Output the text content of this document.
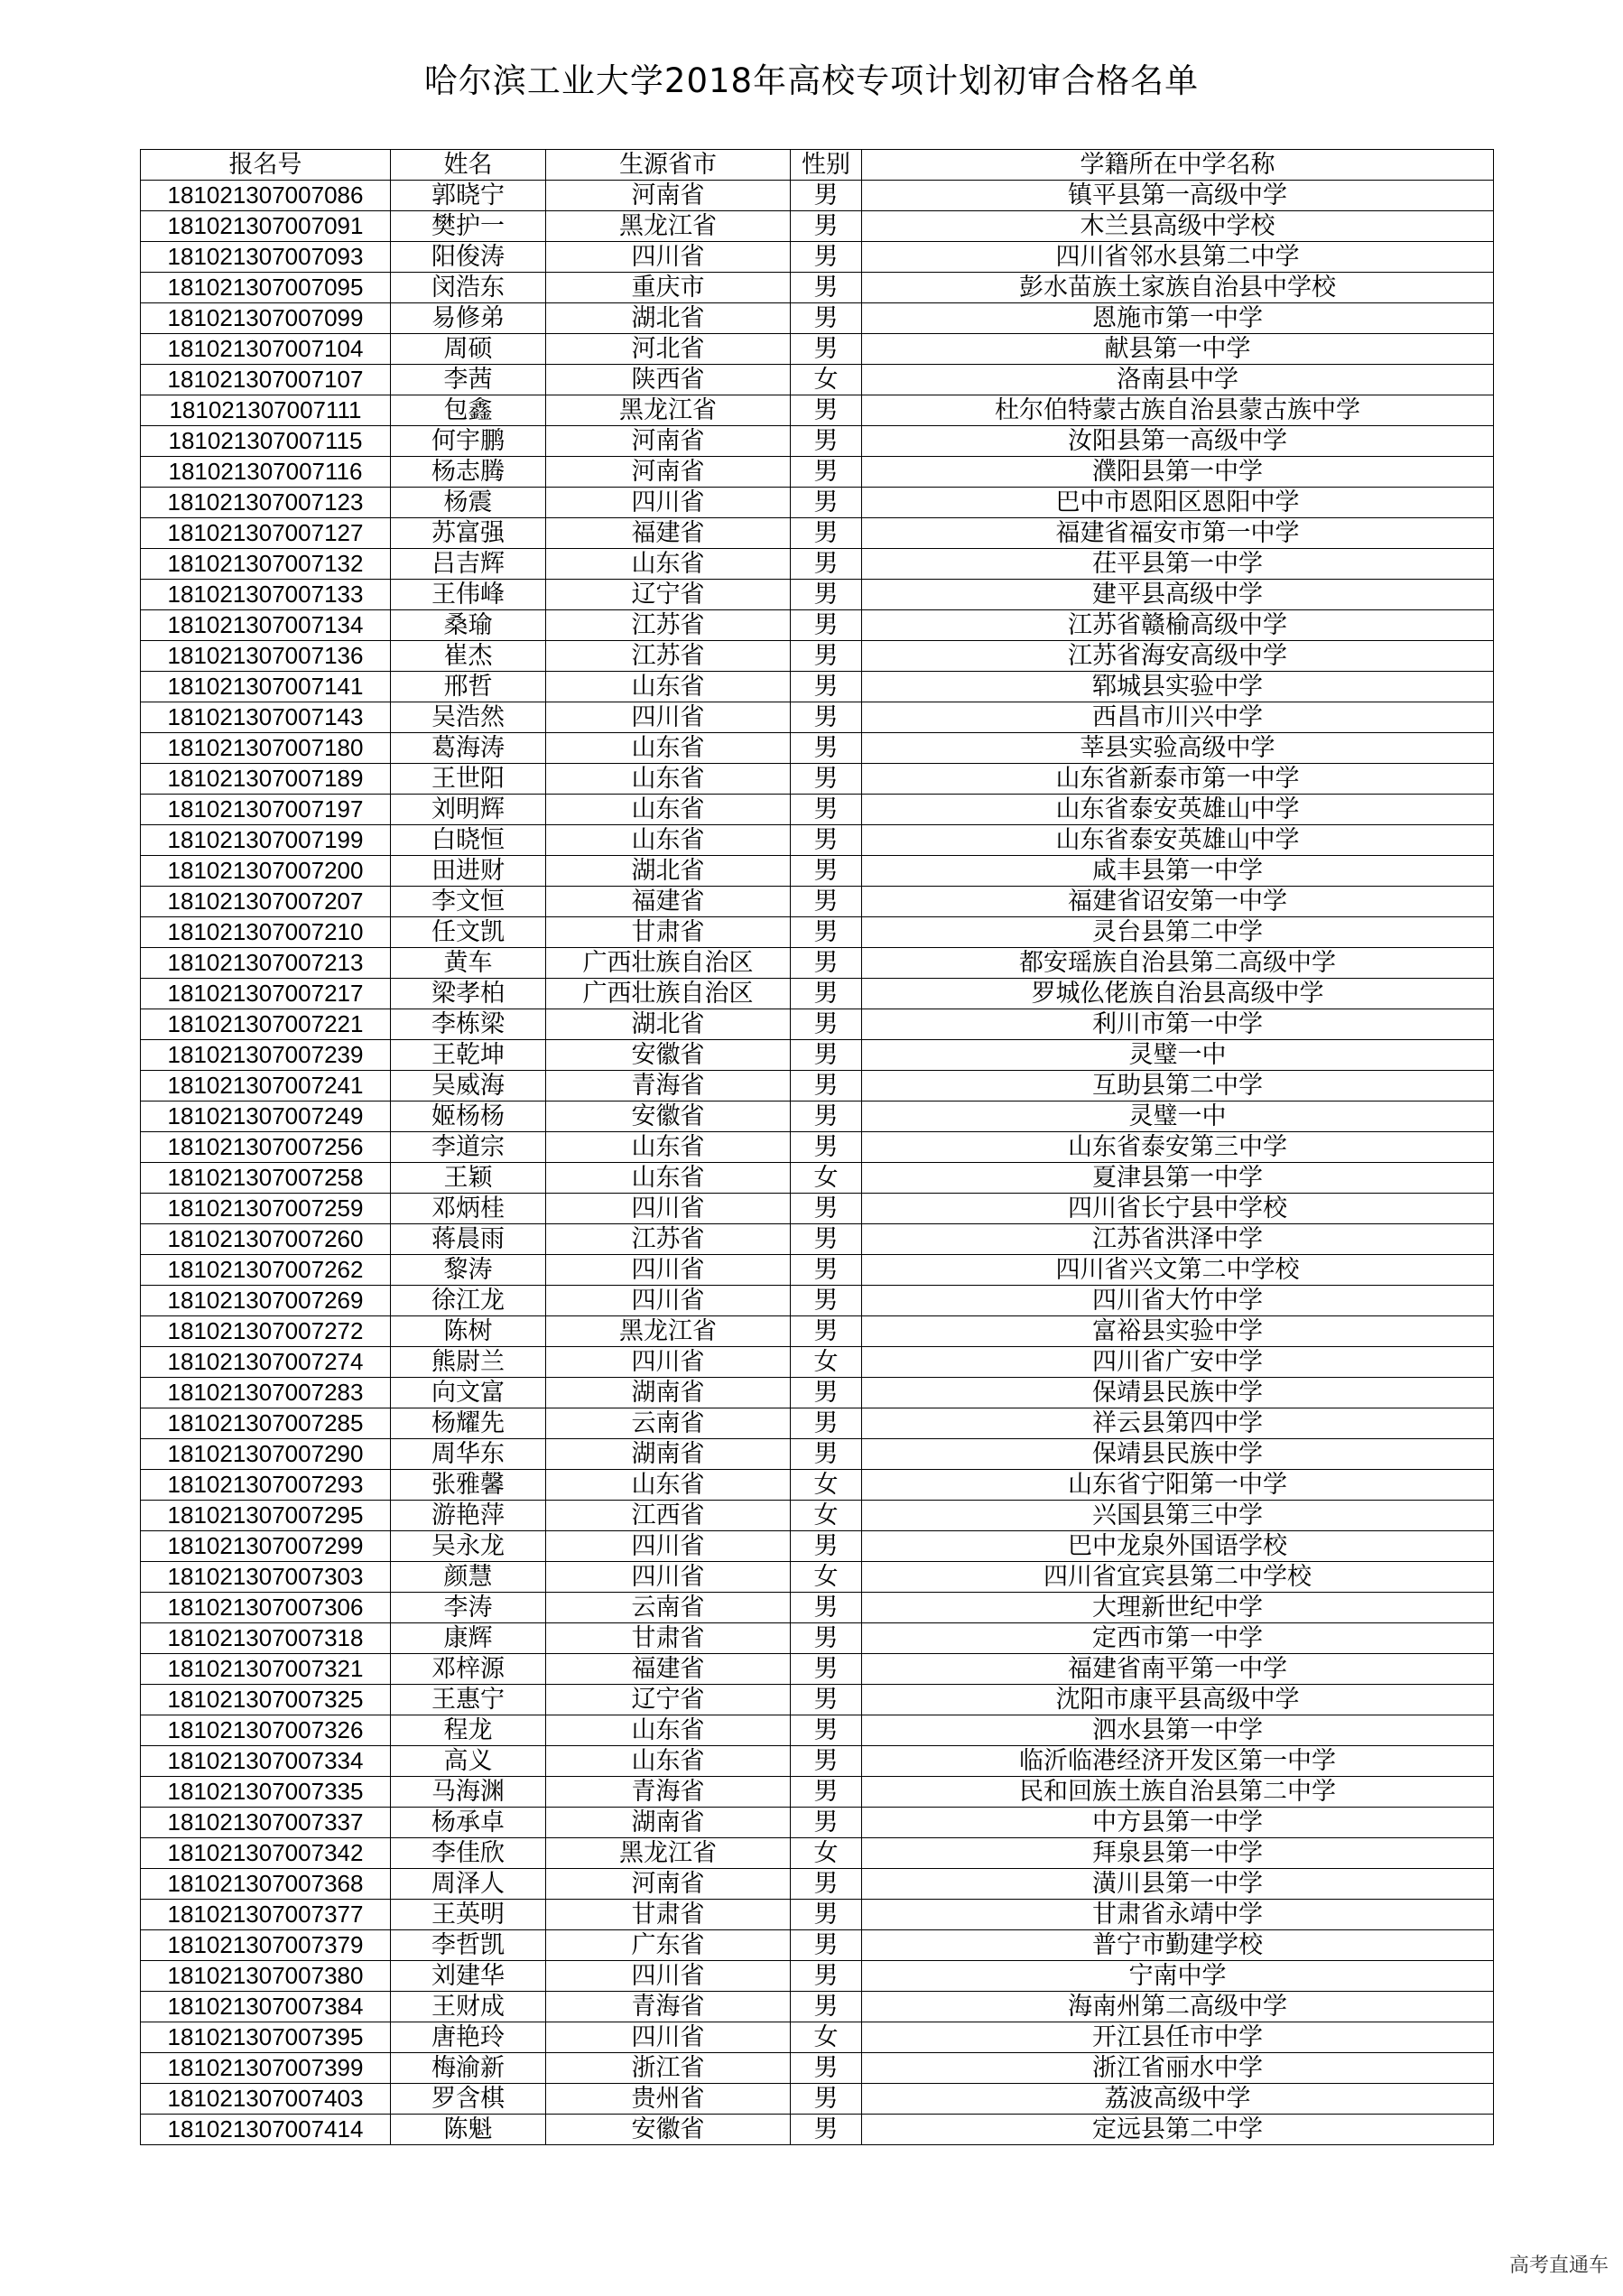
哈尔滨工业大学2018年高校专项计划初审合格名单
报名号	姓名	生源省市	性别	学籍所在中学名称
181021307007086	郭晓宁	河南省	男	镇平县第一高级中学
181021307007091	樊护一	黑龙江省	男	木兰县高级中学校
181021307007093	阳俊涛	四川省	男	四川省邻水县第二中学
181021307007095	闵浩东	重庆市	男	彭水苗族土家族自治县中学校
181021307007099	易修弟	湖北省	男	恩施市第一中学
181021307007104	周硕	河北省	男	献县第一中学
181021307007107	李茜	陕西省	女	洛南县中学
181021307007111	包鑫	黑龙江省	男	杜尔伯特蒙古族自治县蒙古族中学
181021307007115	何宇鹏	河南省	男	汝阳县第一高级中学
181021307007116	杨志腾	河南省	男	濮阳县第一中学
181021307007123	杨震	四川省	男	巴中市恩阳区恩阳中学
181021307007127	苏富强	福建省	男	福建省福安市第一中学
181021307007132	吕吉辉	山东省	男	茌平县第一中学
181021307007133	王伟峰	辽宁省	男	建平县高级中学
181021307007134	桑瑜	江苏省	男	江苏省赣榆高级中学
181021307007136	崔杰	江苏省	男	江苏省海安高级中学
181021307007141	邢哲	山东省	男	郓城县实验中学
181021307007143	吴浩然	四川省	男	西昌市川兴中学
181021307007180	葛海涛	山东省	男	莘县实验高级中学
181021307007189	王世阳	山东省	男	山东省新泰市第一中学
181021307007197	刘明辉	山东省	男	山东省泰安英雄山中学
181021307007199	白晓恒	山东省	男	山东省泰安英雄山中学
181021307007200	田进财	湖北省	男	咸丰县第一中学
181021307007207	李文恒	福建省	男	福建省诏安第一中学
181021307007210	任文凯	甘肃省	男	灵台县第二中学
181021307007213	黄车	广西壮族自治区	男	都安瑶族自治县第二高级中学
181021307007217	梁孝柏	广西壮族自治区	男	罗城仫佬族自治县高级中学
181021307007221	李栋梁	湖北省	男	利川市第一中学
181021307007239	王乾坤	安徽省	男	灵璧一中
181021307007241	吴威海	青海省	男	互助县第二中学
181021307007249	姬杨杨	安徽省	男	灵璧一中
181021307007256	李道宗	山东省	男	山东省泰安第三中学
181021307007258	王颖	山东省	女	夏津县第一中学
181021307007259	邓炳桂	四川省	男	四川省长宁县中学校
181021307007260	蒋晨雨	江苏省	男	江苏省洪泽中学
181021307007262	黎涛	四川省	男	四川省兴文第二中学校
181021307007269	徐江龙	四川省	男	四川省大竹中学
181021307007272	陈树	黑龙江省	男	富裕县实验中学
181021307007274	熊尉兰	四川省	女	四川省广安中学
181021307007283	向文富	湖南省	男	保靖县民族中学
181021307007285	杨耀先	云南省	男	祥云县第四中学
181021307007290	周华东	湖南省	男	保靖县民族中学
181021307007293	张雅馨	山东省	女	山东省宁阳第一中学
181021307007295	游艳萍	江西省	女	兴国县第三中学
181021307007299	吴永龙	四川省	男	巴中龙泉外国语学校
181021307007303	颜慧	四川省	女	四川省宜宾县第二中学校
181021307007306	李涛	云南省	男	大理新世纪中学
181021307007318	康辉	甘肃省	男	定西市第一中学
181021307007321	邓梓源	福建省	男	福建省南平第一中学
181021307007325	王惠宁	辽宁省	男	沈阳市康平县高级中学
181021307007326	程龙	山东省	男	泗水县第一中学
181021307007334	高义	山东省	男	临沂临港经济开发区第一中学
181021307007335	马海渊	青海省	男	民和回族土族自治县第二中学
181021307007337	杨承卓	湖南省	男	中方县第一中学
181021307007342	李佳欣	黑龙江省	女	拜泉县第一中学
181021307007368	周泽人	河南省	男	潢川县第一中学
181021307007377	王英明	甘肃省	男	甘肃省永靖中学
181021307007379	李哲凯	广东省	男	普宁市勤建学校
181021307007380	刘建华	四川省	男	宁南中学
181021307007384	王财成	青海省	男	海南州第二高级中学
181021307007395	唐艳玲	四川省	女	开江县任市中学
181021307007399	梅渝新	浙江省	男	浙江省丽水中学
181021307007403	罗含棋	贵州省	男	荔波高级中学
181021307007414	陈魁	安徽省	男	定远县第二中学
高考直通车
